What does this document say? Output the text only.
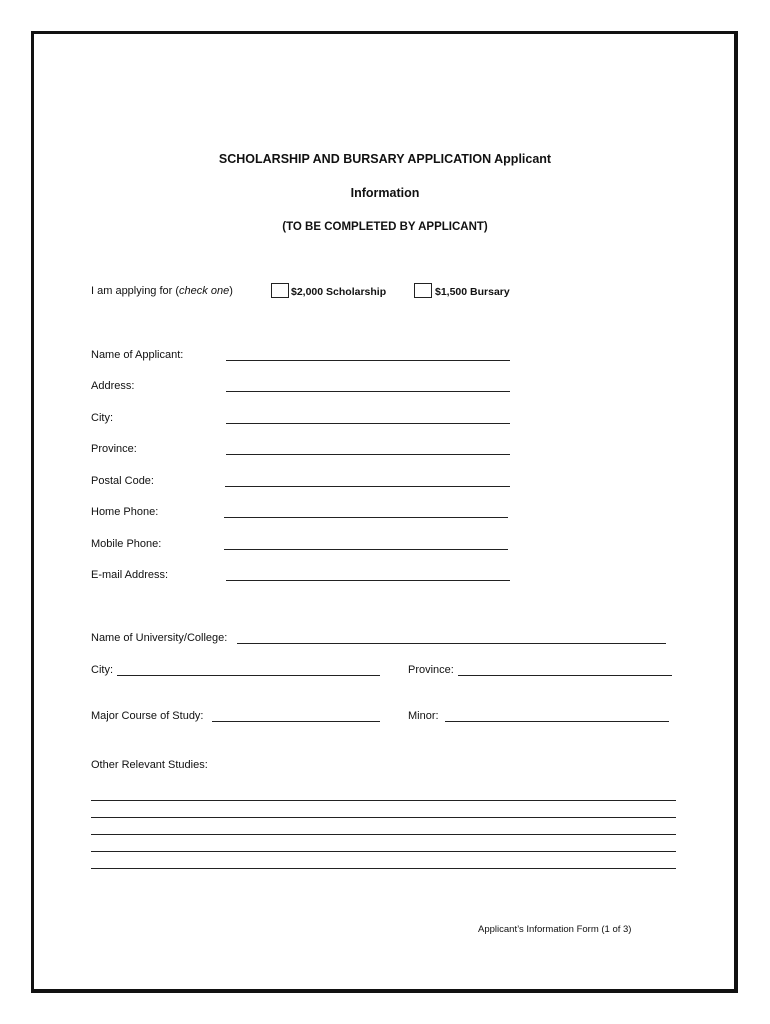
SCHOLARSHIP AND BURSARY APPLICATION Applicant
Information
(TO BE COMPLETED BY APPLICANT)
I am applying for (check one)	$2,000 Scholarship	$1,500 Bursary
Name of Applicant:
Address:
City:
Province:
Postal Code:
Home Phone:
Mobile Phone:
E-mail Address:
Name of University/College:
City:	Province:
Major Course of Study:	Minor:
Other Relevant Studies:
Applicant’s Information Form (1 of 3)
